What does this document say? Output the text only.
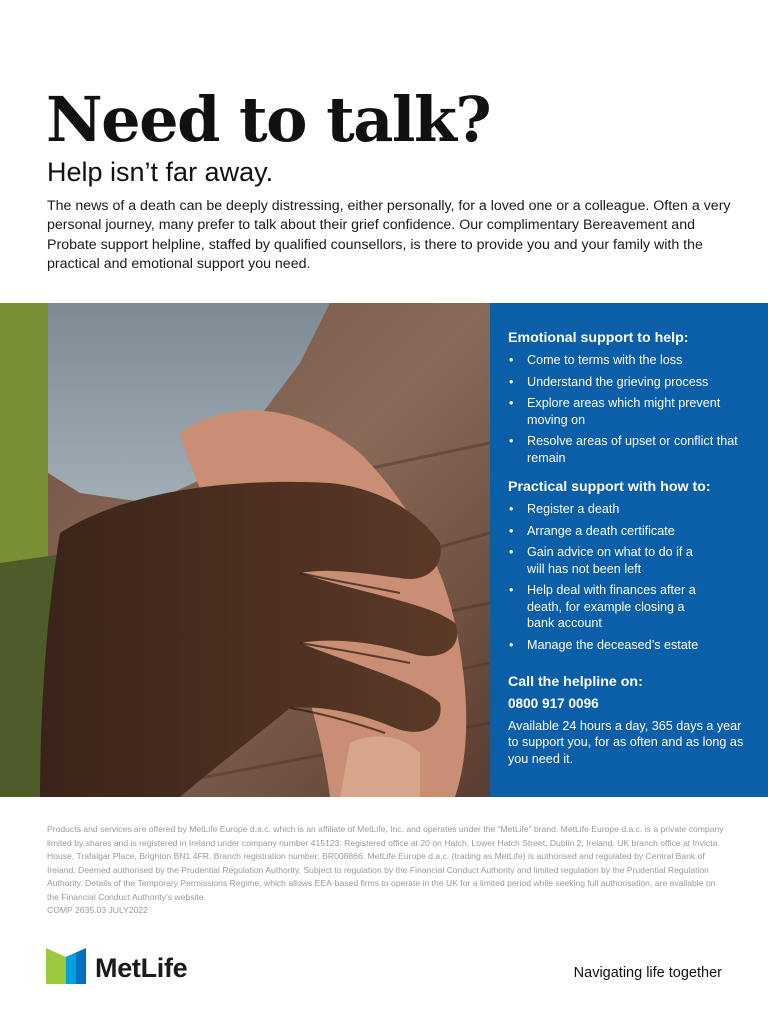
Need to talk?
Help isn’t far away.

The news of a death can be deeply distressing, either personally, for a loved one or a colleague. Often a very personal journey, many prefer to talk about their grief confidence. Our complimentary Bereavement and Probate support helpline, staffed by qualified counsellors, is there to provide you and your family with the practical and emotional support you need.

Emotional support to help:
• Come to terms with the loss
• Understand the grieving process
• Explore areas which might prevent moving on
• Resolve areas of upset or conflict that remain
Practical support with how to:
• Register a death
• Arrange a death certificate
• Gain advice on what to do if a will has not been left
• Help deal with finances after a death, for example closing a bank account
• Manage the deceased’s estate
Call the helpline on:
0800 917 0096

Available 24 hours a day, 365 days a year to support you, for as often and as long as you need it.

Products and services are offered by MetLife Europe d.a.c. which is an affiliate of MetLife, Inc. and operates under the “MetLife” brand. MetLife Europe d.a.c. is a private company limited by shares and is registered in Ireland under company number 415123. Registered office at 20 on Hatch, Lower Hatch Street, Dublin 2, Ireland. UK branch office at Invicta House, Trafalgar Place, Brighton BN1 4FR. Branch registration number: BR008866. MetLife Europe d.a.c. (trading as MetLife) is authorised and regulated by Central Bank of Ireland. Deemed authorised by the Prudential Regulation Authority. Subject to regulation by the Financial Conduct Authority and limited regulation by the Prudential Regulation Authority. Details of the Temporary Permissions Regime, which allows EEA-based firms to operate in the UK for a limited period while seeking full authorisation, are available on the Financial Conduct Authority’s website.
COMP 2635.03 JULY2022

MetLife	Navigating life together
